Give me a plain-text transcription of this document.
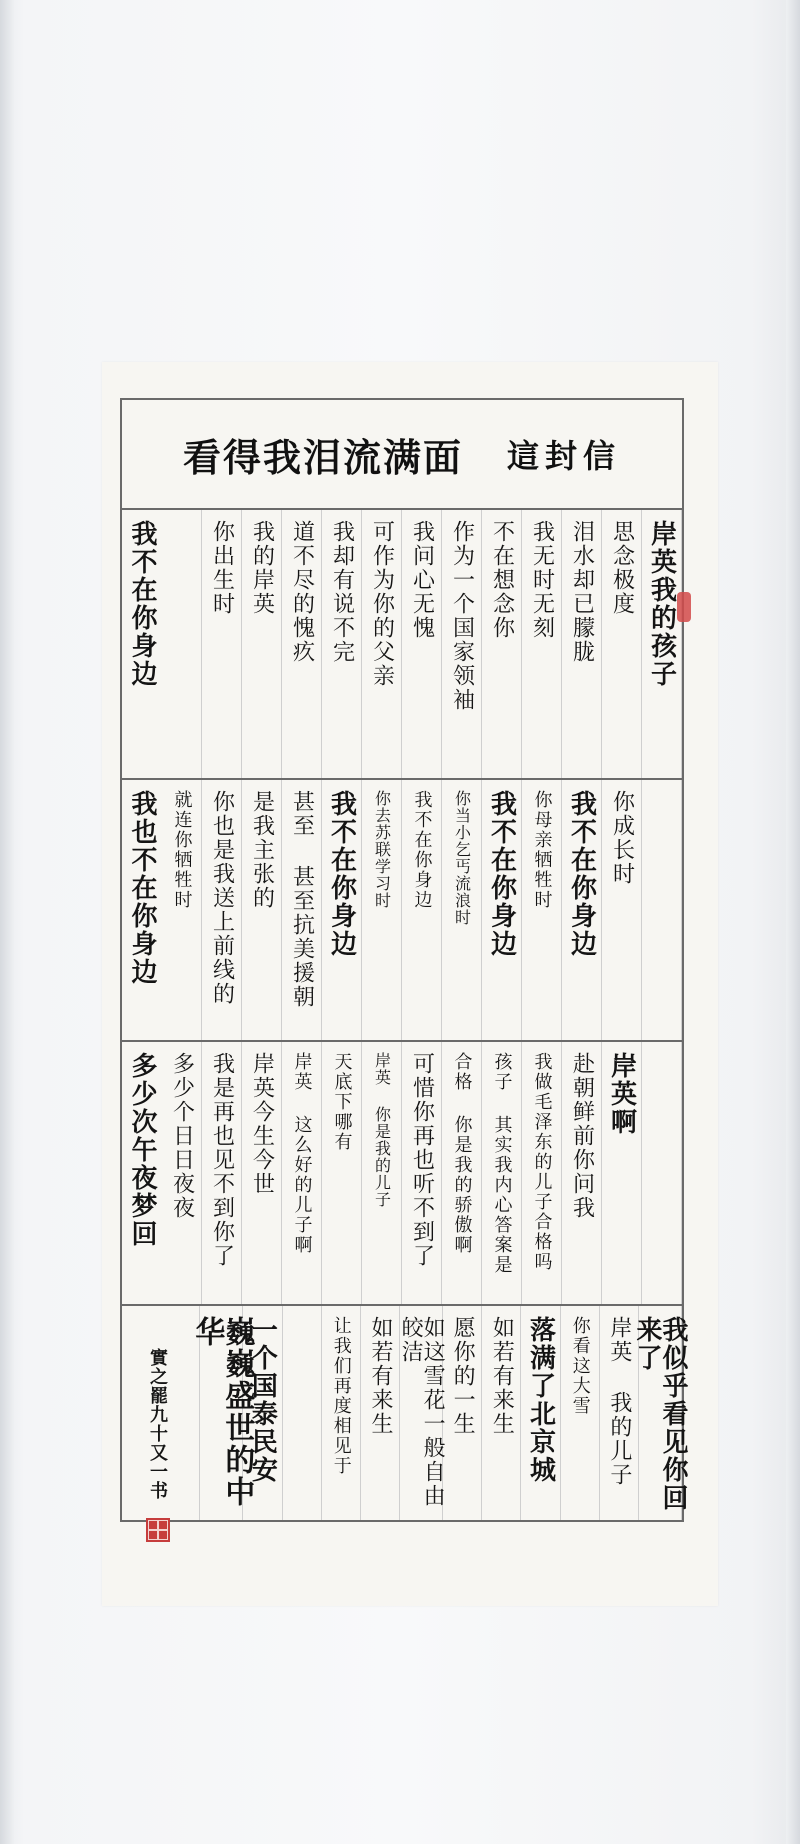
看得我泪流满面 這封信
岸英我的孩子
思念极度
泪水却已朦胧
我无时无刻
不在想念你
作为一个国家领袖
我问心无愧
可作为你的父亲
我却有说不完
道不尽的愧疚
我的岸英
你出生时
我不在你身边
你成长时
我不在你身边
你母亲牺牲时
我不在你身边
你当小乞丐流浪时
我不在你身边
你去苏联学习时
我不在你身边
甚至 甚至抗美援朝
是我主张的
你也是我送上前线的
就连你牺牲时
我也不在你身边
岸英啊
赴朝鲜前你问我
我做毛泽东的儿子合格吗
孩子 其实我内心答案是
合格 你是我的骄傲啊
可惜你再也听不到了
岸英 你是我的儿子
天底下哪有
岸英 这么好的儿子啊
岸英今生今世
我是再也见不到你了
多少个日日夜夜
多少次午夜梦回
我似乎看见你回来了
岸英 我的儿子
你看这大雪
落满了北京城
如若有来生
愿你的一生
如这雪花一般自由皎洁
如若有来生
让我们再度相见于
一个国泰民安
巍巍盛世的中华
實之罷九十又一书
